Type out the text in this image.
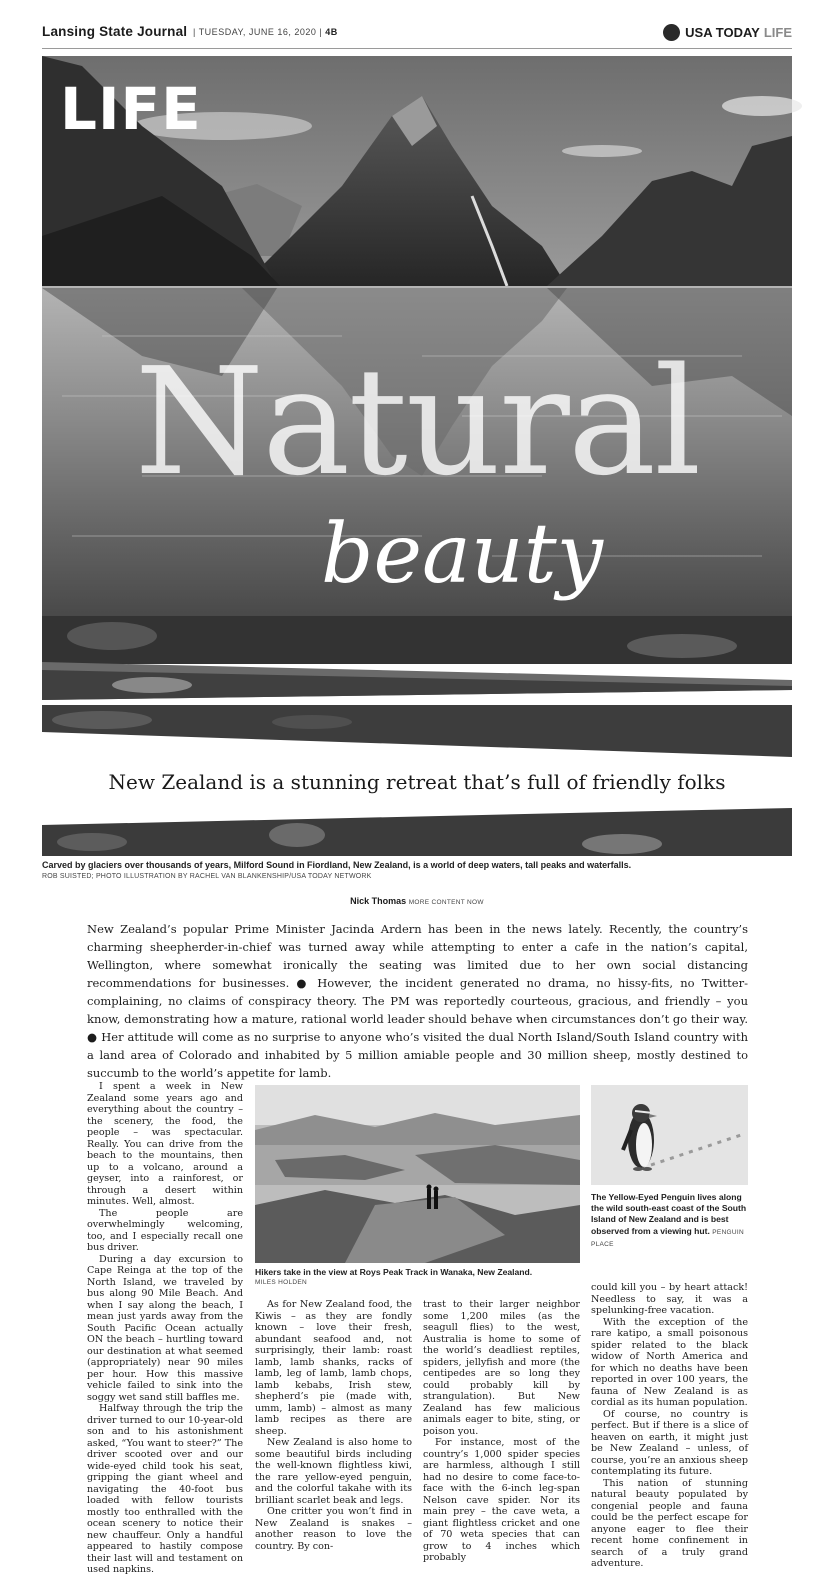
Lansing State Journal | TUESDAY, JUNE 16, 2020 | 4B	USA TODAY LIFE
LIFE
Natural
beauty
New Zealand is a stunning retreat that’s full of friendly folks
Carved by glaciers over thousands of years, Milford Sound in Fiordland, New Zealand, is a world of deep waters, tall peaks and waterfalls.
ROB SUISTED; PHOTO ILLUSTRATION BY RACHEL VAN BLANKENSHIP/USA TODAY NETWORK
Nick Thomas MORE CONTENT NOW

New Zealand’s popular Prime Minister Jacinda Ardern has been in the news lately. Recently, the country’s charming sheepherder-in-chief was turned away while attempting to enter a cafe in the nation’s capital, Wellington, where somewhat ironically the seating was limited due to her own social distancing recommendations for businesses. ● However, the incident generated no drama, no hissy-fits, no Twitter-complaining, no claims of conspiracy theory. The PM was reportedly courteous, gracious, and friendly – you know, demonstrating how a mature, rational world leader should behave when circumstances don’t go their way. ● Her attitude will come as no surprise to anyone who’s visited the dual North Island/South Island country with a land area of Colorado and inhabited by 5 million amiable people and 30 million sheep, mostly destined to succumb to the world’s appetite for lamb.

I spent a week in New Zealand some years ago and everything about the country – the scenery, the food, the people – was spectacular. Really. You can drive from the beach to the mountains, then up to a volcano, around a geyser, into a rainforest, or through a desert within minutes. Well, almost.

The people are overwhelmingly welcoming, too, and I especially recall one bus driver.

During a day excursion to Cape Reinga at the top of the North Island, we traveled by bus along 90 Mile Beach. And when I say along the beach, I mean just yards away from the South Pacific Ocean actually ON the beach – hurtling toward our destination at what seemed (appropriately) near 90 miles per hour. How this massive vehicle failed to sink into the soggy wet sand still baffles me.

Halfway through the trip the driver turned to our 10-year-old son and to his astonishment asked, “You want to steer?” The driver scooted over and our wide-eyed child took his seat, gripping the giant wheel and navigating the 40-foot bus loaded with fellow tourists mostly too enthralled with the ocean scenery to notice their new chauffeur. Only a handful appeared to hastily compose their last will and testament on used napkins.

Hikers take in the view at Roys Peak Track in Wanaka, New Zealand.
MILES HOLDEN

As for New Zealand food, the Kiwis – as they are fondly known – love their fresh, abundant seafood and, not surprisingly, their lamb: roast lamb, lamb shanks, racks of lamb, leg of lamb, lamb chops, lamb kebabs, Irish stew, shepherd’s pie (made with, umm, lamb) – almost as many lamb recipes as there are sheep.

New Zealand is also home to some beautiful birds including the well-known flightless kiwi, the rare yellow-eyed penguin, and the colorful takahe with its brilliant scarlet beak and legs.

One critter you won’t find in New Zealand is snakes – another reason to love the country. By con-

trast to their larger neighbor some 1,200 miles (as the seagull flies) to the west, Australia is home to some of the world’s deadliest reptiles, spiders, jellyfish and more (the centipedes are so long they could probably kill by strangulation). But New Zealand has few malicious animals eager to bite, sting, or poison you.

For instance, most of the country’s 1,000 spider species are harmless, although I still had no desire to come face-to-face with the 6-inch leg-span Nelson cave spider. Nor its main prey – the cave weta, a giant flightless cricket and one of 70 weta species that can grow to 4 inches which probably

The Yellow-Eyed Penguin lives along the wild south-east coast of the South Island of New Zealand and is best observed from a viewing hut. PENGUIN PLACE

could kill you – by heart attack! Needless to say, it was a spelunking-free vacation.

With the exception of the rare katipo, a small poisonous spider related to the black widow of North America and for which no deaths have been reported in over 100 years, the fauna of New Zealand is as cordial as its human population.

Of course, no country is perfect. But if there is a slice of heaven on earth, it might just be New Zealand – unless, of course, you’re an anxious sheep contemplating its future.

This nation of stunning natural beauty populated by congenial people and fauna could be the perfect escape for anyone eager to flee their recent home confinement in search of a truly grand adventure.
